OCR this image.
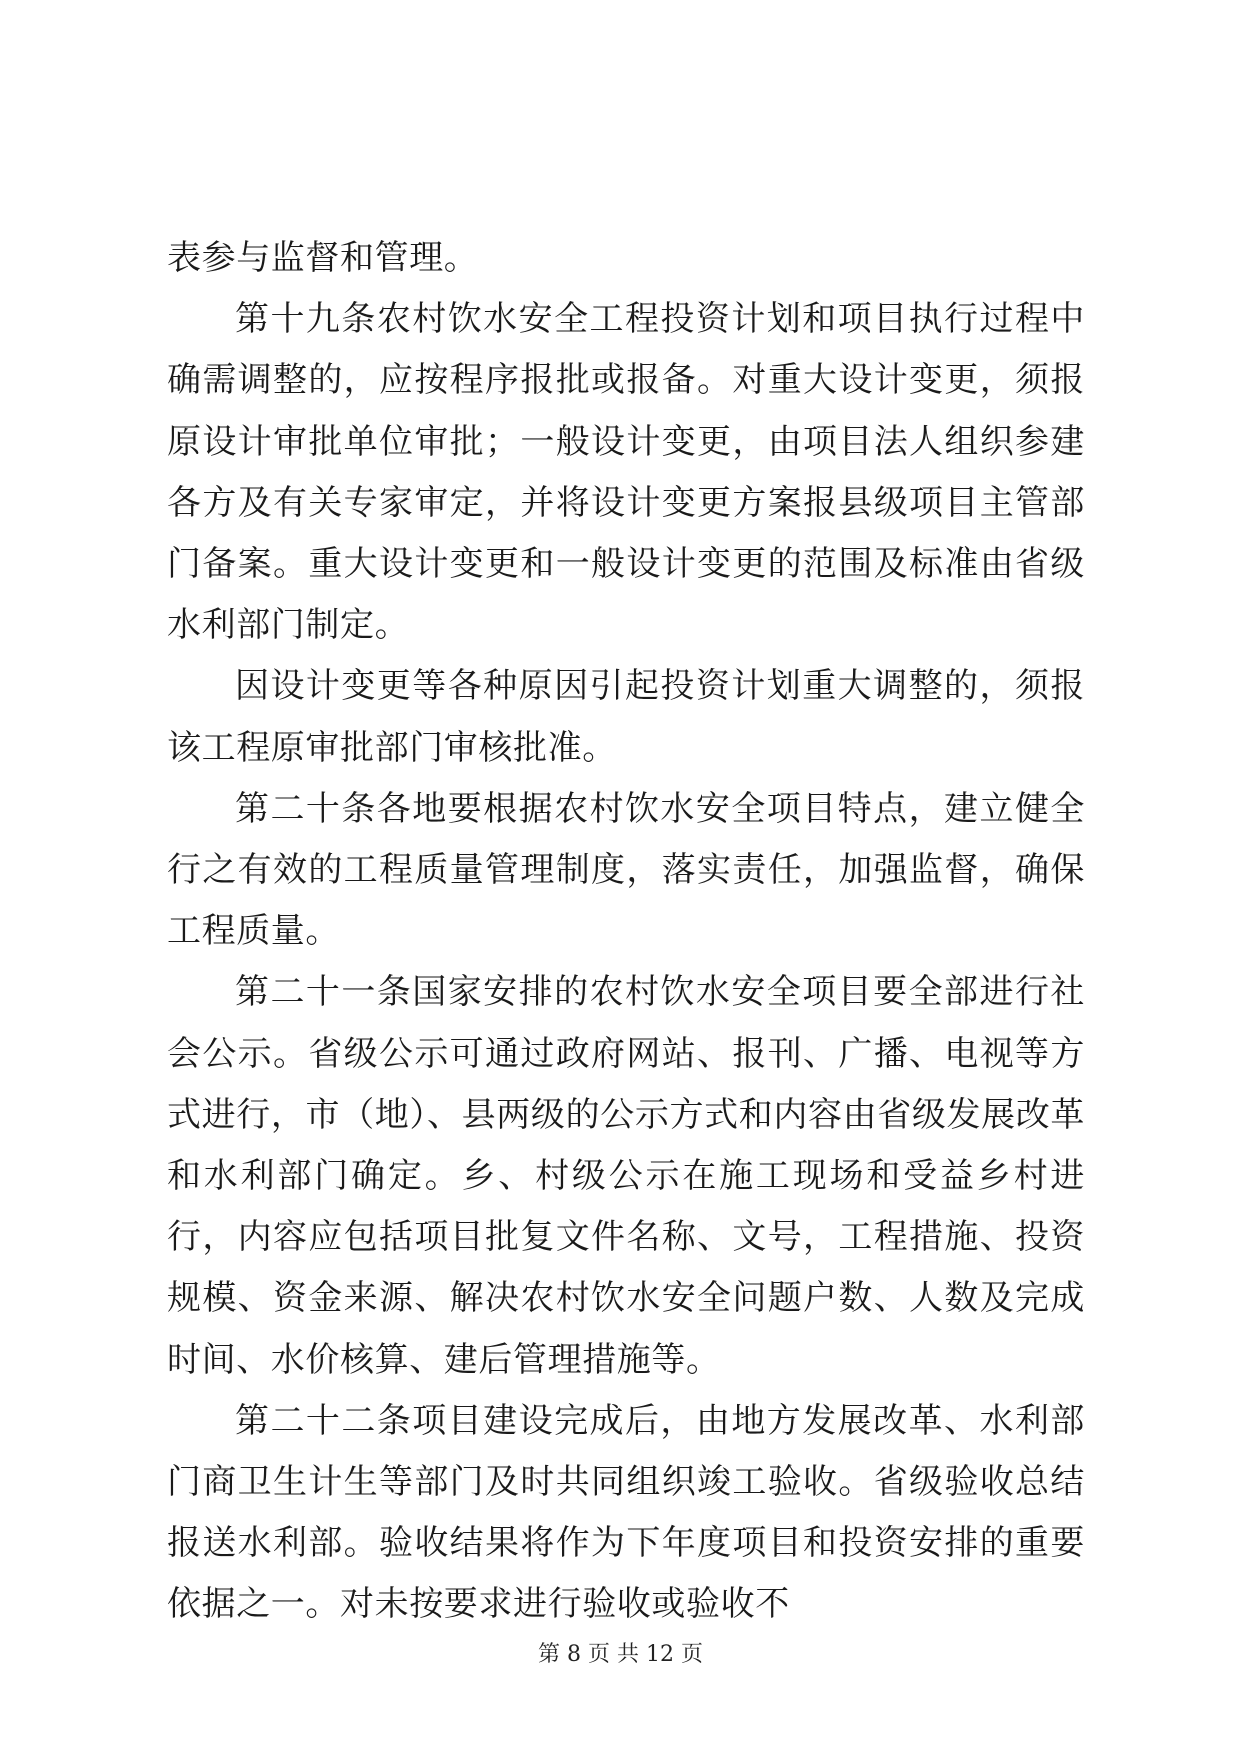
表参与监督和管理。

第十九条农村饮水安全工程投资计划和项目执行过程中确需调整的，应按程序报批或报备。对重大设计变更，须报原设计审批单位审批；一般设计变更，由项目法人组织参建各方及有关专家审定，并将设计变更方案报县级项目主管部门备案。重大设计变更和一般设计变更的范围及标准由省级水利部门制定。

因设计变更等各种原因引起投资计划重大调整的，须报该工程原审批部门审核批准。

第二十条各地要根据农村饮水安全项目特点，建立健全行之有效的工程质量管理制度，落实责任，加强监督，确保工程质量。

第二十一条国家安排的农村饮水安全项目要全部进行社会公示。省级公示可通过政府网站、报刊、广播、电视等方式进行，市（地）、县两级的公示方式和内容由省级发展改革和水利部门确定。乡、村级公示在施工现场和受益乡村进行，内容应包括项目批复文件名称、文号，工程措施、投资规模、资金来源、解决农村饮水安全问题户数、人数及完成时间、水价核算、建后管理措施等。

第二十二条项目建设完成后，由地方发展改革、水利部门商卫生计生等部门及时共同组织竣工验收。省级验收总结报送水利部。验收结果将作为下年度项目和投资安排的重要依据之一。对未按要求进行验收或验收不

第 8 页 共 12 页
